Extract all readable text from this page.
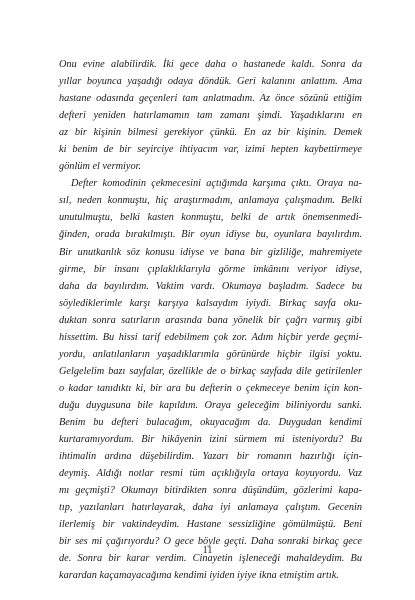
Onu evine alabilirdik. İki gece daha o hastanede kaldı. Sonra da
yıllar boyunca yaşadığı odaya döndük. Geri kalanını anlattım. Ama
hastane odasında geçenleri tam anlatmadım. Az önce sözünü ettiğim
defteri yeniden hatırlamamın tam zamanı şimdi. Yaşadıklarını en
az bir kişinin bilmesi gerekiyor çünkü. En az bir kişinin. Demek
ki benim de bir seyirciye ihtiyacım var, izimi hepten kaybettirmeye
gönlüm el vermiyor.
Defter komodinin çekmecesini açtığımda karşıma çıktı. Oraya na-
sıl, neden konmuştu, hiç araştırmadım, anlamaya çalışmadım. Belki
unutulmuştu, belki kasten konmuştu, belki de artık önemsenmedi-
ğinden, orada bırakılmıştı. Bir oyun idiyse bu, oyunlara bayılırdım.
Bir unutkanlık söz konusu idiyse ve bana bir gizliliğe, mahremiyete
girme, bir insanı çıplaklıklarıyla görme imkânını veriyor idiyse,
daha da bayılırdım. Vaktim vardı. Okumaya başladım. Sadece bu
söylediklerimle karşı karşıya kalsaydım iyiydi. Birkaç sayfa oku-
duktan sonra satırların arasında bana yönelik bir çağrı varmış gibi
hissettim. Bu hissi tarif edebilmem çok zor. Adım hiçbir yerde geçmi-
yordu, anlatılanların yaşadıklarımla görünürde hiçbir ilgisi yoktu.
Gelgelelim bazı sayfalar, özellikle de o birkaç sayfada dile getirilenler
o kadar tanıdıktı ki, bir ara bu defterin o çekmeceye benim için kon-
duğu duygusuna bile kapıldım. Oraya geleceğim biliniyordu sanki.
Benim bu defteri bulacağım, okuyacağım da. Duygudan kendimi
kurtaramıyordum. Bir hikâyenin izini sürmem mi isteniyordu? Bu
ihtimalin ardına düşebilirdim. Yazarı bir romanın hazırlığı için-
deymiş. Aldığı notlar resmi tüm açıklığıyla ortaya koyuyordu. Vaz
mı geçmişti? Okumayı bitirdikten sonra düşündüm, gözlerimi kapa-
tıp, yazılanları hatırlayarak, daha iyi anlamaya çalıştım. Gecenin
ilerlemiş bir vaktindeydim. Hastane sessizliğine gömülmüştü. Beni
bir ses mi çağırıyordu? O gece böyle geçti. Daha sonraki birkaç gece
de. Sonra bir karar verdim. Cinayetin işleneceği mahaldeydim. Bu
karardan kaçamayacağıma kendimi iyiden iyiye ikna etmiştim artık.
11
